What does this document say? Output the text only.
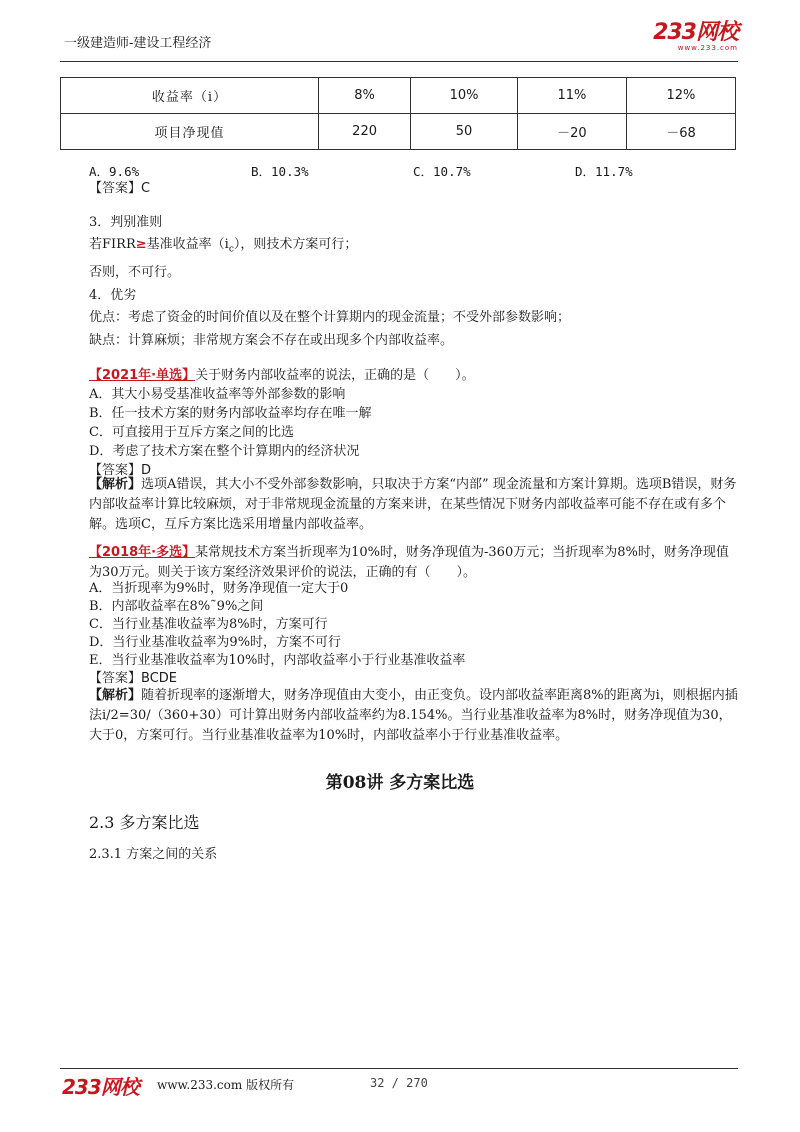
一级建造师-建设工程经济	233网校
www.233.com
收益率（i）	8%	10%	11%	12%
项目净现值	220	50	－20	－68
A．9.6%	B．10.3%	C．10.7%	D．11.7%
【答案】C
3．判别准则
若FIRR≥基准收益率$(i_c)$，则技术方案可行；
否则，不可行。
4．优劣
优点：考虑了资金的时间价值以及在整个计算期内的现金流量；不受外部参数影响；
缺点：计算麻烦；非常规方案会不存在或出现多个内部收益率。
【2021年·单选】关于财务内部收益率的说法，正确的是（　　）。
A．其大小易受基准收益率等外部参数的影响
B．任一技术方案的财务内部收益率均存在唯一解
C．可直接用于互斥方案之间的比选
D．考虑了技术方案在整个计算期内的经济状况
【答案】D
【解析】选项A错误，其大小不受外部参数影响，只取决于方案“内部” 现金流量和方案计算期。选项B错误，财务内部收益率计算比较麻烦，对于非常规现金流量的方案来讲，在某些情况下财务内部收益率可能不存在或有多个解。选项C，互斥方案比选采用增量内部收益率。
【2018年·多选】某常规技术方案当折现率为10%时，财务净现值为-360万元；当折现率为8%时，财务净现值为30万元。则关于该方案经济效果评价的说法，正确的有（　　）。
A．当折现率为9%时，财务净现值一定大于0
B．内部收益率在8%˜9%之间
C．当行业基准收益率为8%时，方案可行
D．当行业基准收益率为9%时，方案不可行
E．当行业基准收益率为10%时，内部收益率小于行业基准收益率
【答案】BCDE
【解析】随着折现率的逐渐增大，财务净现值由大变小，由正变负。设内部收益率距离8%的距离为i，则根据内插法i/2=30/（360+30）可计算出财务内部收益率约为8.154%。当行业基准收益率为8%时，财务净现值为30，大于0，方案可行。当行业基准收益率为10%时，内部收益率小于行业基准收益率。
第08讲 多方案比选
2.3 多方案比选
2.3.1 方案之间的关系
233网校 www.233.com 版权所有	32 / 270
